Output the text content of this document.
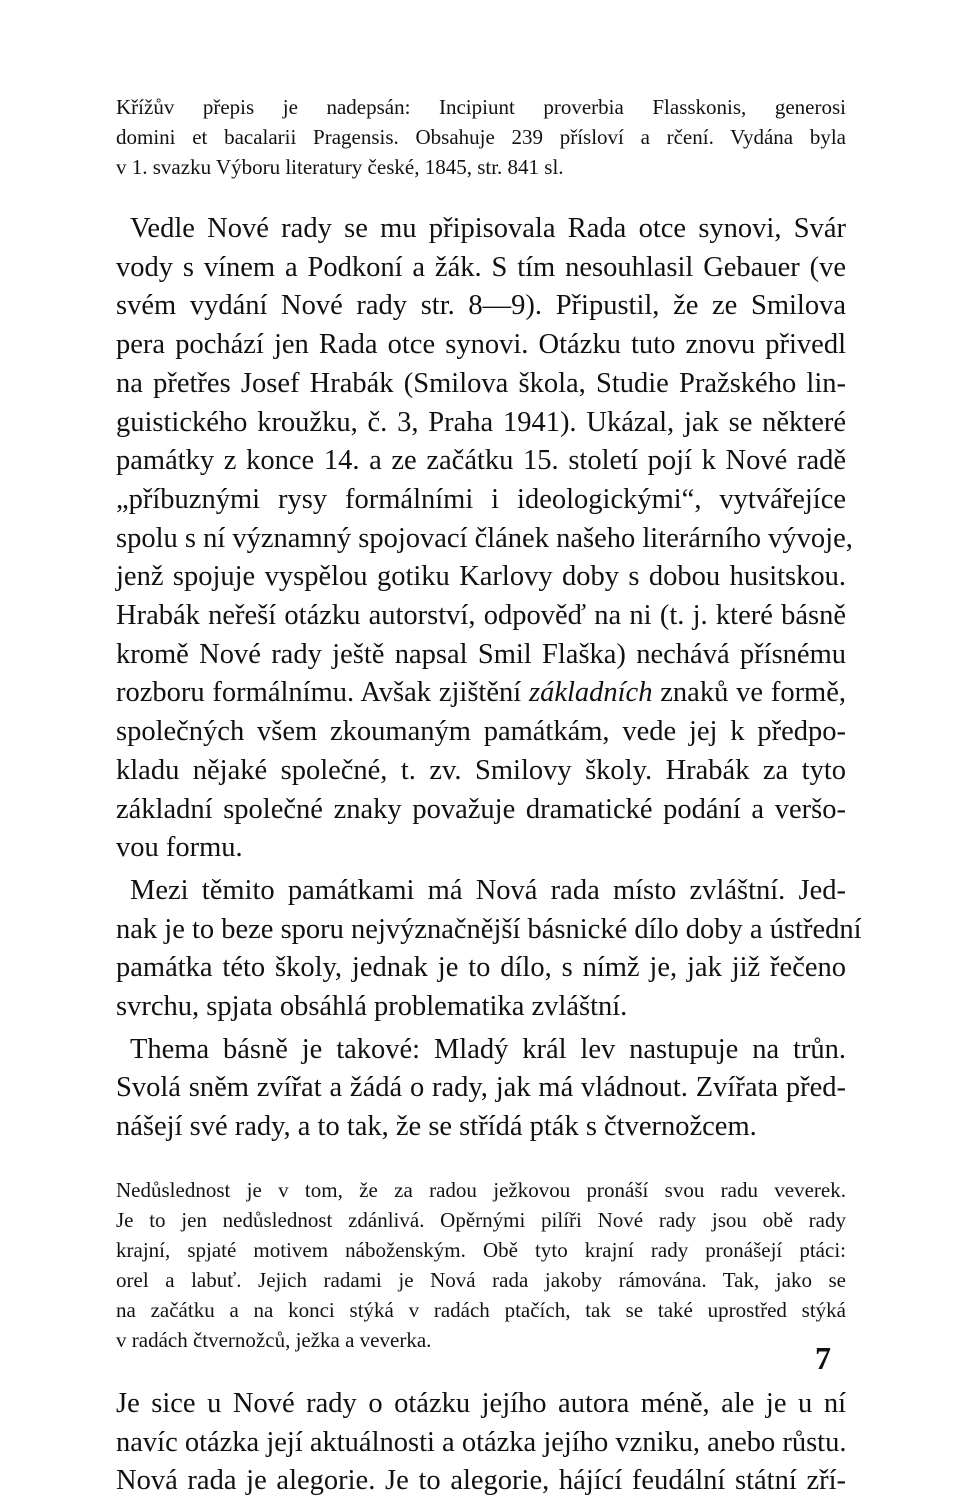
Křížův přepis je nadepsán: Incipiunt proverbia Flasskonis, generosi
domini et bacalarii Pragensis. Obsahuje 239 přísloví a rčení. Vydána byla
v 1. svazku Výboru literatury české, 1845, str. 841 sl.
Vedle Nové rady se mu připisovala Rada otce synovi, Svár
vody s vínem a Podkoní a žák. S tím nesouhlasil Gebauer (ve
svém vydání Nové rady str. 8—9). Připustil, že ze Smilova
pera pochází jen Rada otce synovi. Otázku tuto znovu přivedl
na přetřes Josef Hrabák (Smilova škola, Studie Pražského lin-
guistického kroužku, č. 3, Praha 1941). Ukázal, jak se některé
památky z konce 14. a ze začátku 15. století pojí k Nové radě
„příbuznými rysy formálními i ideologickými“, vytvářejíce
spolu s ní významný spojovací článek našeho literárního vývoje,
jenž spojuje vyspělou gotiku Karlovy doby s dobou husitskou.
Hrabák neřeší otázku autorství, odpověď na ni (t. j. které básně
kromě Nové rady ještě napsal Smil Flaška) nechává přísnému
rozboru formálnímu. Avšak zjištění základních znaků ve formě,
společných všem zkoumaným památkám, vede jej k předpo-
kladu nějaké společné, t. zv. Smilovy školy. Hrabák za tyto
základní společné znaky považuje dramatické podání a veršo-
vou formu.
Mezi těmito památkami má Nová rada místo zvláštní. Jed-
nak je to beze sporu nejvýznačnější básnické dílo doby a ústřední
památka této školy, jednak je to dílo, s nímž je, jak již řečeno
svrchu, spjata obsáhlá problematika zvláštní.
Thema básně je takové: Mladý král lev nastupuje na trůn.
Svolá sněm zvířat a žádá o rady, jak má vládnout. Zvířata před-
nášejí své rady, a to tak, že se střídá pták s čtvernožcem.
Nedůslednost je v tom, že za radou ježkovou pronáší svou radu veverek.
Je to jen nedůslednost zdánlivá. Opěrnými pilíři Nové rady jsou obě rady
krajní, spjaté motivem náboženským. Obě tyto krajní rady pronášejí ptáci:
orel a labuť. Jejich radami je Nová rada jakoby rámována. Tak, jako se
na začátku a na konci stýká v radách ptačích, tak se také uprostřed stýká
v radách čtvernožců, ježka a veverka.
Je sice u Nové rady o otázku jejího autora méně, ale je u ní
navíc otázka její aktuálnosti a otázka jejího vzniku, anebo růstu.
Nová rada je alegorie. Je to alegorie, hájící feudální státní zří-
7
